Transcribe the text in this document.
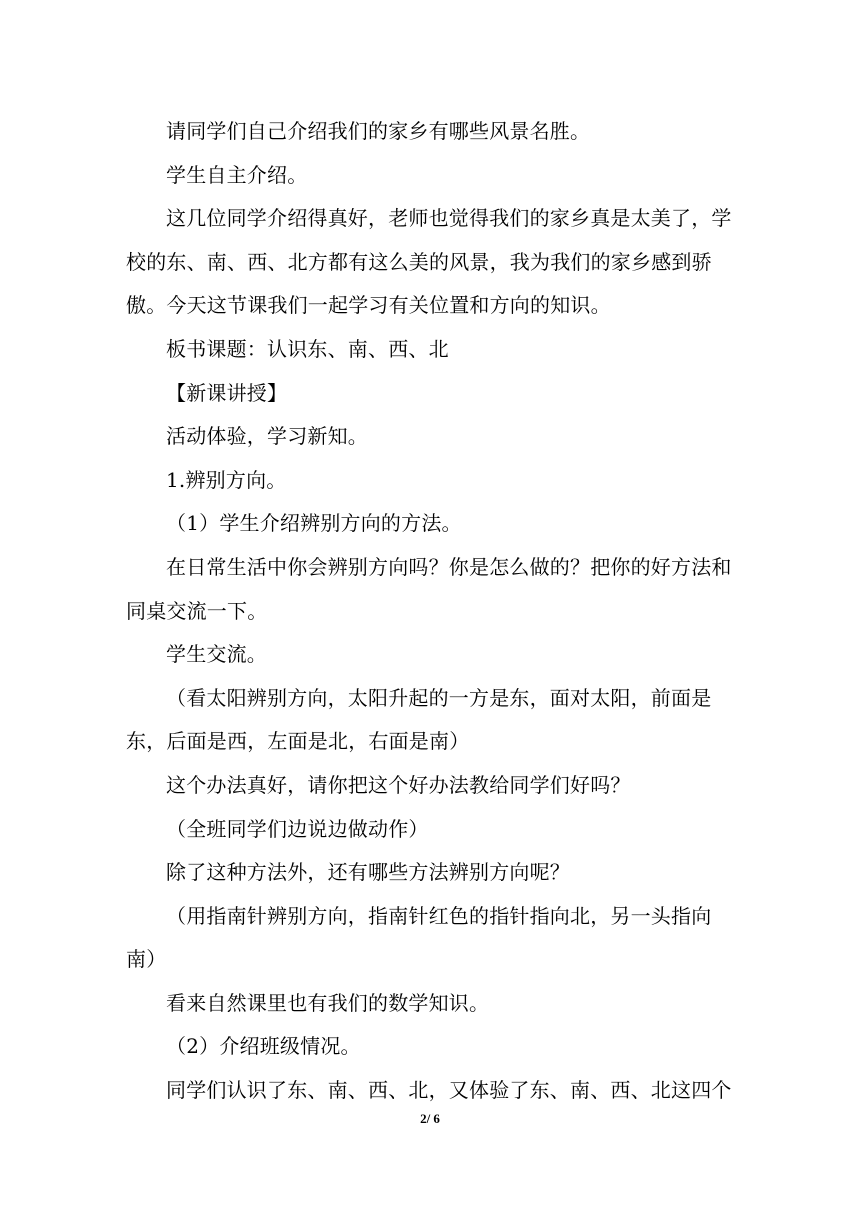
请同学们自己介绍我们的家乡有哪些风景名胜。

学生自主介绍。

这几位同学介绍得真好，老师也觉得我们的家乡真是太美了，学校的东、南、西、北方都有这么美的风景，我为我们的家乡感到骄傲。今天这节课我们一起学习有关位置和方向的知识。

板书课题：认识东、南、西、北

【新课讲授】

活动体验，学习新知。

1.辨别方向。

（1）学生介绍辨别方向的方法。

在日常生活中你会辨别方向吗？你是怎么做的？把你的好方法和同桌交流一下。

学生交流。

（看太阳辨别方向，太阳升起的一方是东，面对太阳，前面是东，后面是西，左面是北，右面是南）

这个办法真好，请你把这个好办法教给同学们好吗？

（全班同学们边说边做动作）

除了这种方法外，还有哪些方法辨别方向呢？

（用指南针辨别方向，指南针红色的指针指向北，另一头指向南）

看来自然课里也有我们的数学知识。

（2）介绍班级情况。

同学们认识了东、南、西、北，又体验了东、南、西、北这四个

2/ 6
